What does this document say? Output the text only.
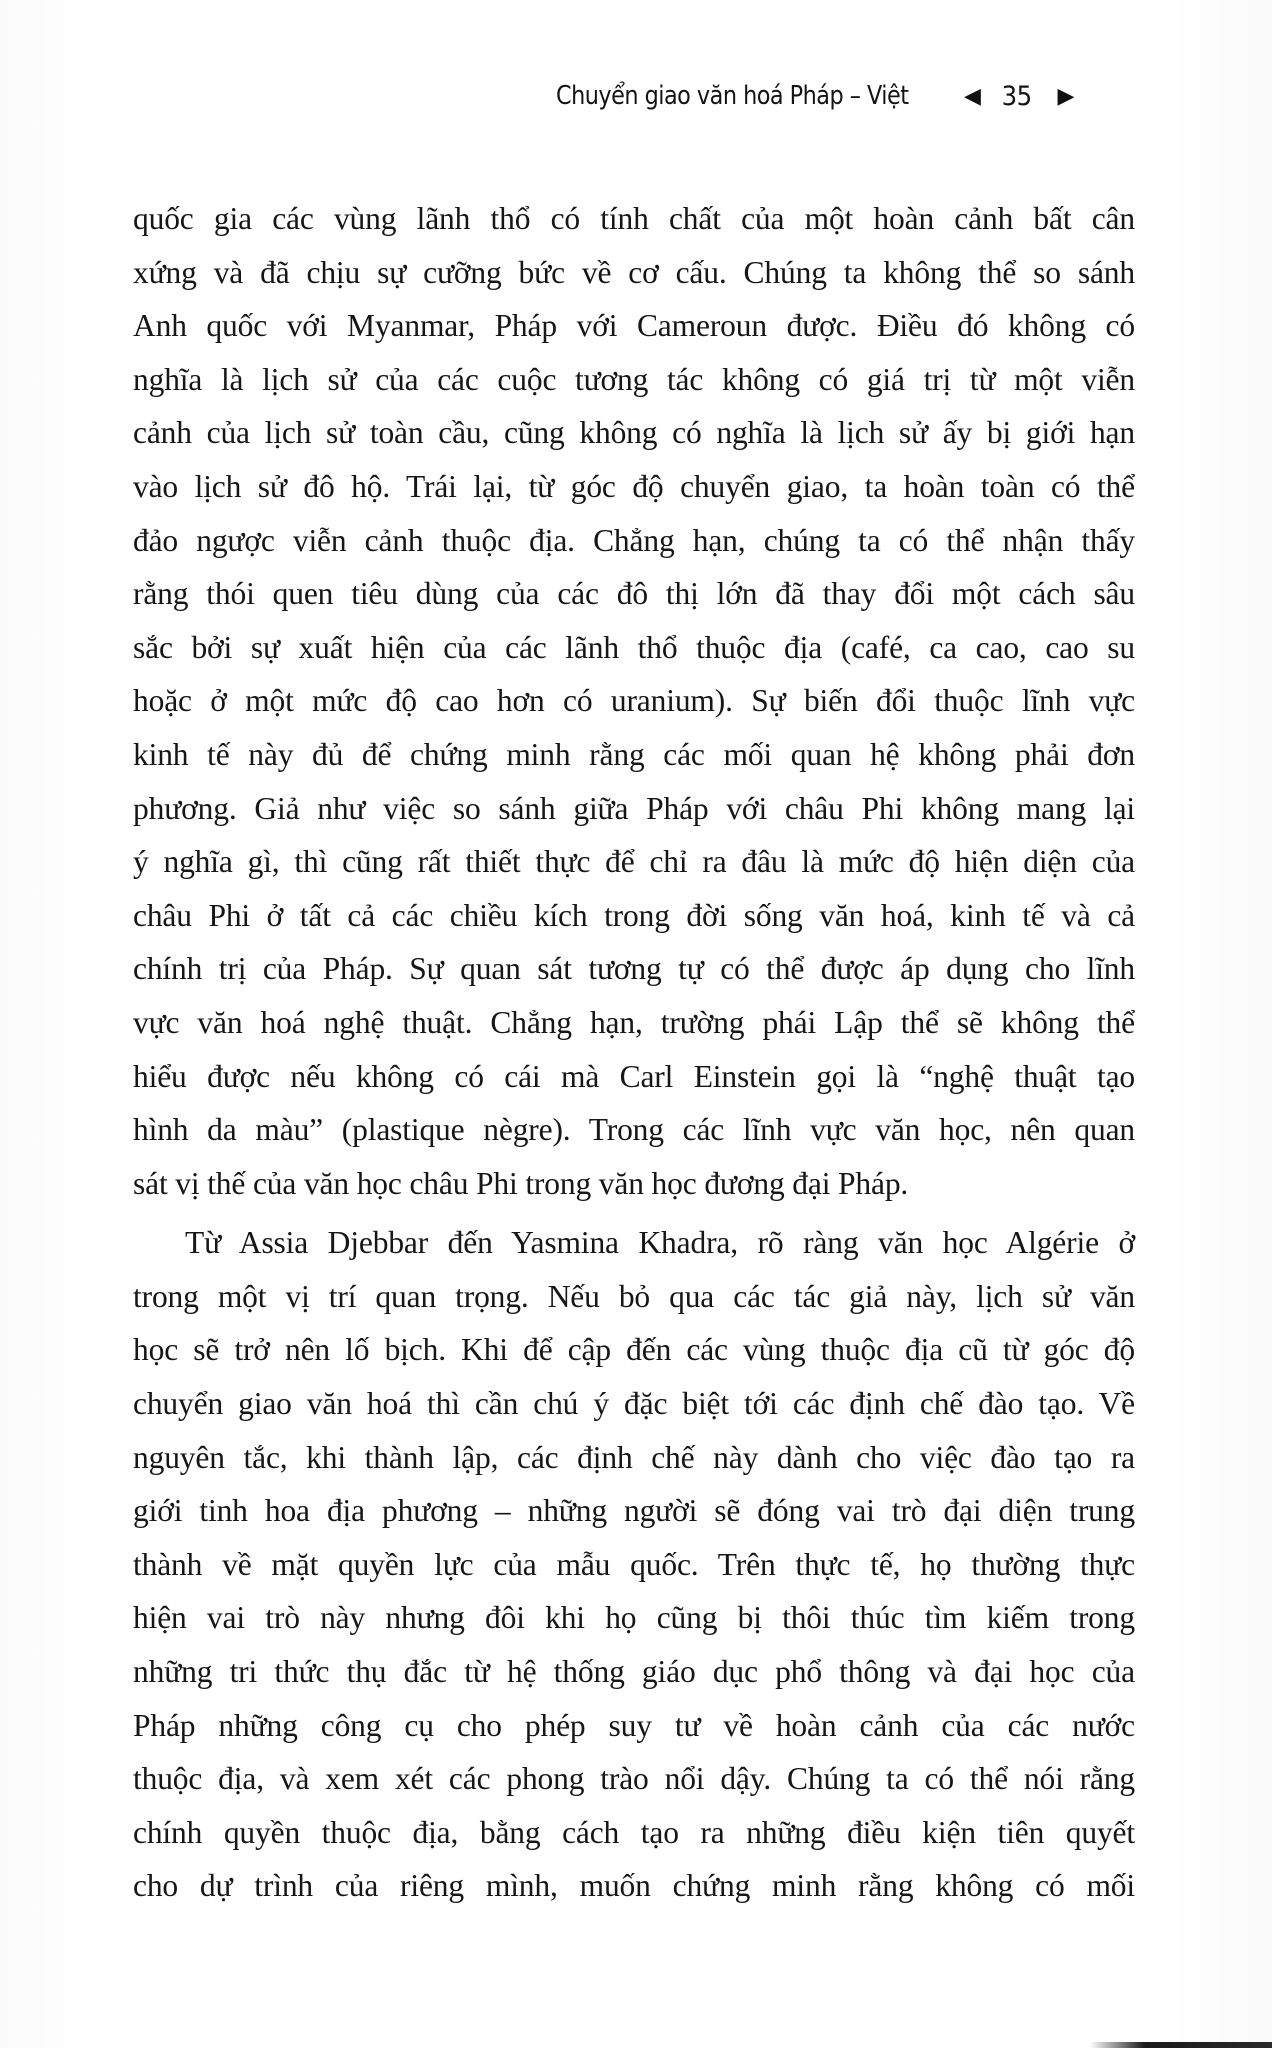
Chuyển giao văn hoá Pháp – Việt	◀ 35 ▶
quốc gia các vùng lãnh thổ có tính chất của một hoàn cảnh bất cân
xứng và đã chịu sự cưỡng bức về cơ cấu. Chúng ta không thể so sánh
Anh quốc với Myanmar, Pháp với Cameroun được. Điều đó không có
nghĩa là lịch sử của các cuộc tương tác không có giá trị từ một viễn
cảnh của lịch sử toàn cầu, cũng không có nghĩa là lịch sử ấy bị giới hạn
vào lịch sử đô hộ. Trái lại, từ góc độ chuyển giao, ta hoàn toàn có thể
đảo ngược viễn cảnh thuộc địa. Chẳng hạn, chúng ta có thể nhận thấy
rằng thói quen tiêu dùng của các đô thị lớn đã thay đổi một cách sâu
sắc bởi sự xuất hiện của các lãnh thổ thuộc địa (café, ca cao, cao su
hoặc ở một mức độ cao hơn có uranium). Sự biến đổi thuộc lĩnh vực
kinh tế này đủ để chứng minh rằng các mối quan hệ không phải đơn
phương. Giả như việc so sánh giữa Pháp với châu Phi không mang lại
ý nghĩa gì, thì cũng rất thiết thực để chỉ ra đâu là mức độ hiện diện của
châu Phi ở tất cả các chiều kích trong đời sống văn hoá, kinh tế và cả
chính trị của Pháp. Sự quan sát tương tự có thể được áp dụng cho lĩnh
vực văn hoá nghệ thuật. Chẳng hạn, trường phái Lập thể sẽ không thể
hiểu được nếu không có cái mà Carl Einstein gọi là “nghệ thuật tạo
hình da màu” (plastique nègre). Trong các lĩnh vực văn học, nên quan
sát vị thế của văn học châu Phi trong văn học đương đại Pháp.
Từ Assia Djebbar đến Yasmina Khadra, rõ ràng văn học Algérie ở
trong một vị trí quan trọng. Nếu bỏ qua các tác giả này, lịch sử văn
học sẽ trở nên lố bịch. Khi để cập đến các vùng thuộc địa cũ từ góc độ
chuyển giao văn hoá thì cần chú ý đặc biệt tới các định chế đào tạo. Về
nguyên tắc, khi thành lập, các định chế này dành cho việc đào tạo ra
giới tinh hoa địa phương – những người sẽ đóng vai trò đại diện trung
thành về mặt quyền lực của mẫu quốc. Trên thực tế, họ thường thực
hiện vai trò này nhưng đôi khi họ cũng bị thôi thúc tìm kiếm trong
những tri thức thụ đắc từ hệ thống giáo dục phổ thông và đại học của
Pháp những công cụ cho phép suy tư về hoàn cảnh của các nước
thuộc địa, và xem xét các phong trào nổi dậy. Chúng ta có thể nói rằng
chính quyền thuộc địa, bằng cách tạo ra những điều kiện tiên quyết
cho dự trình của riêng mình, muốn chứng minh rằng không có mối
